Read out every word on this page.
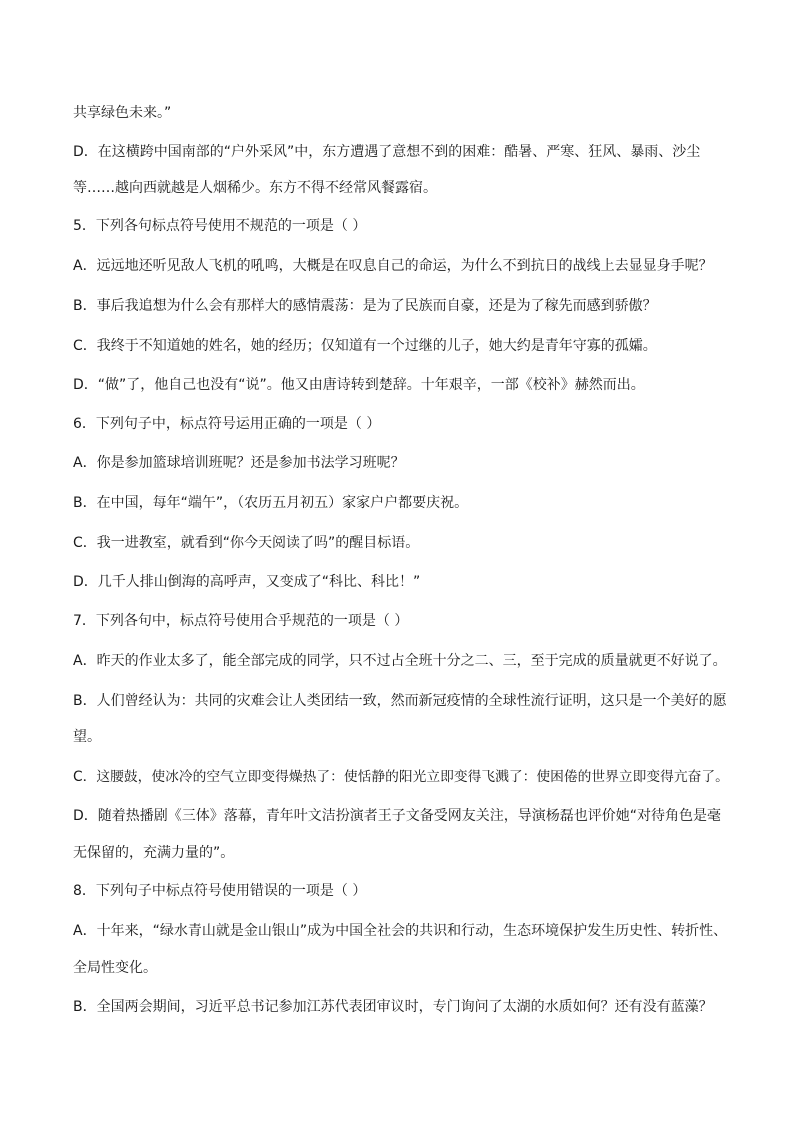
共享绿色未来。”

D．在这横跨中国南部的“户外采风”中，东方遭遇了意想不到的困难：酷暑、严寒、狂风、暴雨、沙尘

等……越向西就越是人烟稀少。东方不得不经常风餐露宿。

5．下列各句标点符号使用不规范的一项是（ ）

A．远远地还听见敌人飞机的吼鸣，大概是在叹息自己的命运，为什么不到抗日的战线上去显显身手呢？

B．事后我追想为什么会有那样大的感情震荡：是为了民族而自豪，还是为了稼先而感到骄傲？

C．我终于不知道她的姓名，她的经历；仅知道有一个过继的儿子，她大约是青年守寡的孤孀。

D．“做”了，他自己也没有“说”。他又由唐诗转到楚辞。十年艰辛，一部《校补》赫然而出。

6．下列句子中，标点符号运用正确的一项是（ ）

A．你是参加篮球培训班呢？还是参加书法学习班呢？

B．在中国，每年“端午”，（农历五月初五）家家户户都要庆祝。

C．我一进教室，就看到“你今天阅读了吗”的醒目标语。

D．几千人排山倒海的高呼声，又变成了“科比、科比！”

7．下列各句中，标点符号使用合乎规范的一项是（ ）

A．昨天的作业太多了，能全部完成的同学，只不过占全班十分之二、三，至于完成的质量就更不好说了。

B．人们曾经认为：共同的灾难会让人类团结一致，然而新冠疫情的全球性流行证明，这只是一个美好的愿

望。

C．这腰鼓，使冰冷的空气立即变得燥热了：使恬静的阳光立即变得飞溅了：使困倦的世界立即变得亢奋了。

D．随着热播剧《三体》落幕，青年叶文洁扮演者王子文备受网友关注，导演杨磊也评价她“对待角色是毫

无保留的，充满力量的”。

8．下列句子中标点符号使用错误的一项是（ ）

A．十年来，“绿水青山就是金山银山”成为中国全社会的共识和行动，生态环境保护发生历史性、转折性、

全局性变化。

B．全国两会期间，习近平总书记参加江苏代表团审议时，专门询问了太湖的水质如何？还有没有蓝藻？
